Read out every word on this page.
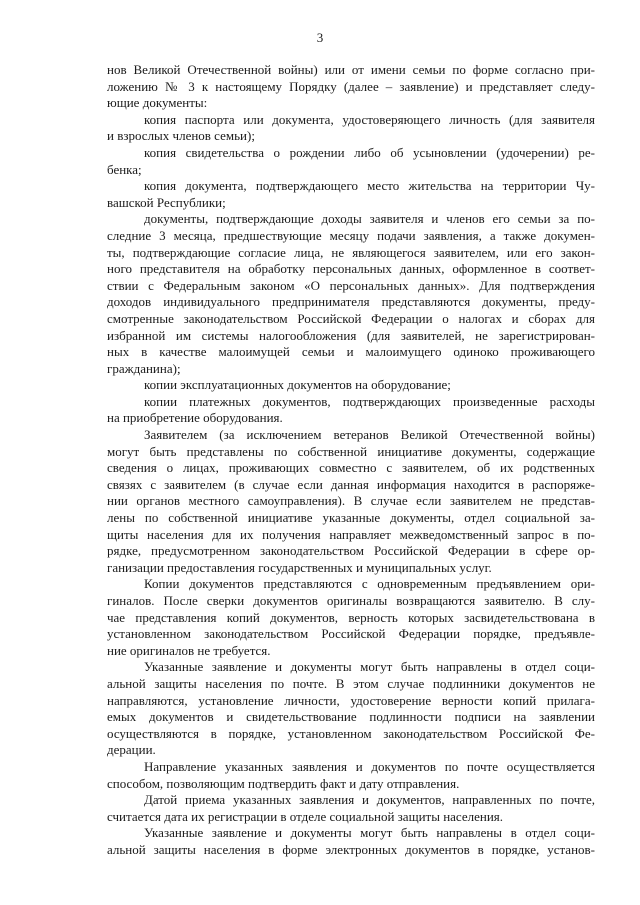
3
нов Великой Отечественной войны) или от имени семьи по форме согласно при-
ложению № 3 к настоящему Порядку (далее – заявление) и представляет следу-
ющие документы:
копия паспорта или документа, удостоверяющего личность (для заявителя
и взрослых членов семьи);
копия свидетельства о рождении либо об усыновлении (удочерении) ре-
бенка;
копия документа, подтверждающего место жительства на территории Чу-
вашской Республики;
документы, подтверждающие доходы заявителя и членов его семьи за по-
следние 3 месяца, предшествующие месяцу подачи заявления, а также докумен-
ты, подтверждающие согласие лица, не являющегося заявителем, или его закон-
ного представителя на обработку персональных данных, оформленное в соответ-
ствии с Федеральным законом «О персональных данных». Для подтверждения
доходов индивидуального предпринимателя представляются документы, преду-
смотренные законодательством Российской Федерации о налогах и сборах для
избранной им системы налогообложения (для заявителей, не зарегистрирован-
ных в качестве малоимущей семьи и малоимущего одиноко проживающего
гражданина);
копии эксплуатационных документов на оборудование;
копии платежных документов, подтверждающих произведенные расходы
на приобретение оборудования.
Заявителем (за исключением ветеранов Великой Отечественной войны)
могут быть представлены по собственной инициативе документы, содержащие
сведения о лицах, проживающих совместно с заявителем, об их родственных
связях с заявителем (в случае если данная информация находится в распоряже-
нии органов местного самоуправления). В случае если заявителем не представ-
лены по собственной инициативе указанные документы, отдел социальной за-
щиты населения для их получения направляет межведомственный запрос в по-
рядке, предусмотренном законодательством Российской Федерации в сфере ор-
ганизации предоставления государственных и муниципальных услуг.
Копии документов представляются с одновременным предъявлением ори-
гиналов. После сверки документов оригиналы возвращаются заявителю. В слу-
чае представления копий документов, верность которых засвидетельствована в
установленном законодательством Российской Федерации порядке, предъявле-
ние оригиналов не требуется.
Указанные заявление и документы могут быть направлены в отдел соци-
альной защиты населения по почте. В этом случае подлинники документов не
направляются, установление личности, удостоверение верности копий прилага-
емых документов и свидетельствование подлинности подписи на заявлении
осуществляются в порядке, установленном законодательством Российской Фе-
дерации.
Направление указанных заявления и документов по почте осуществляется
способом, позволяющим подтвердить факт и дату отправления.
Датой приема указанных заявления и документов, направленных по почте,
считается дата их регистрации в отделе социальной защиты населения.
Указанные заявление и документы могут быть направлены в отдел соци-
альной защиты населения в форме электронных документов в порядке, установ-
